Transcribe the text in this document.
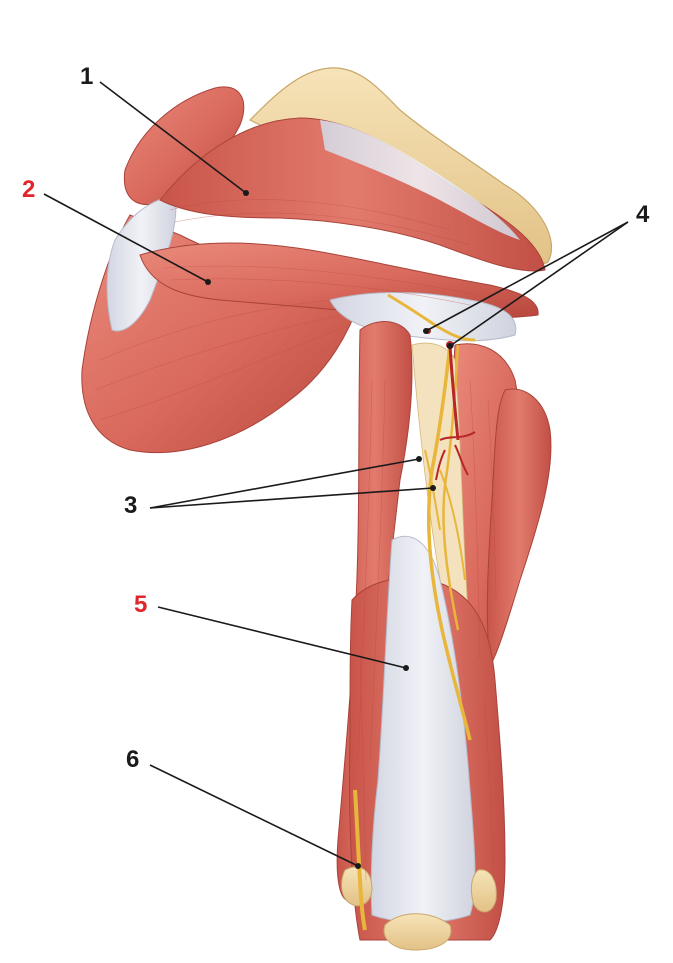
1
2
4
3
5
6
